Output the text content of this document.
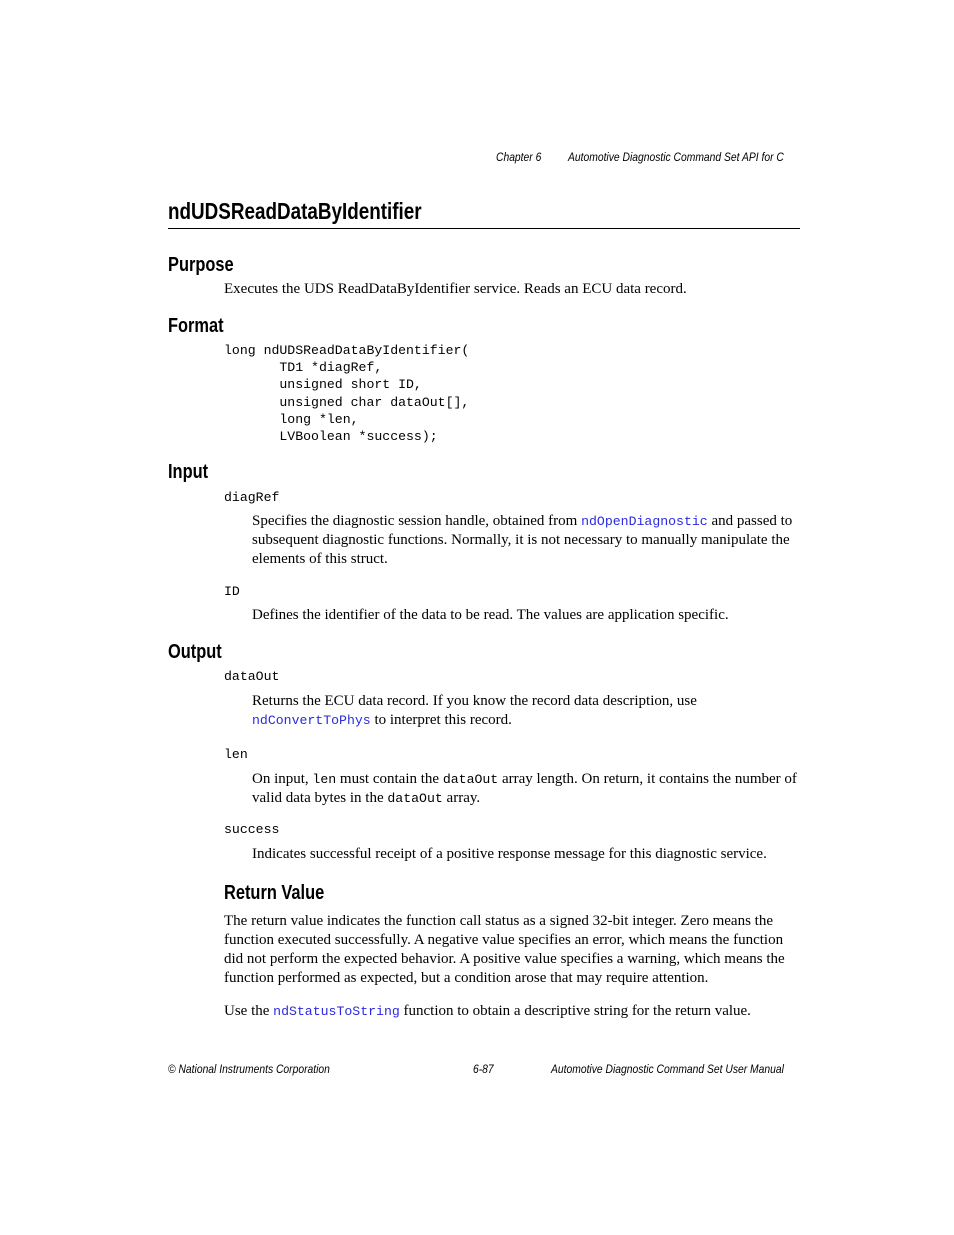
Chapter 6 Automotive Diagnostic Command Set API for C
ndUDSReadDataByIdentifier
Purpose
Executes the UDS ReadDataByIdentifier service. Reads an ECU data record.
Format
long ndUDSReadDataByIdentifier(
TD1 *diagRef,
unsigned short ID,
unsigned char dataOut[],
long *len,
LVBoolean *success);
Input
diagRef
Specifies the diagnostic session handle, obtained from ndOpenDiagnostic and passed to subsequent diagnostic functions. Normally, it is not necessary to manually manipulate the elements of this struct.
ID
Defines the identifier of the data to be read. The values are application specific.
Output
dataOut
Returns the ECU data record. If you know the record data description, use ndConvertToPhys to interpret this record.
len
On input, len must contain the dataOut array length. On return, it contains the number of valid data bytes in the dataOut array.
success
Indicates successful receipt of a positive response message for this diagnostic service.
Return Value
The return value indicates the function call status as a signed 32-bit integer. Zero means the function executed successfully. A negative value specifies an error, which means the function did not perform the expected behavior. A positive value specifies a warning, which means the function performed as expected, but a condition arose that may require attention.
Use the ndStatusToString function to obtain a descriptive string for the return value.
© National Instruments Corporation	6-87	Automotive Diagnostic Command Set User Manual
